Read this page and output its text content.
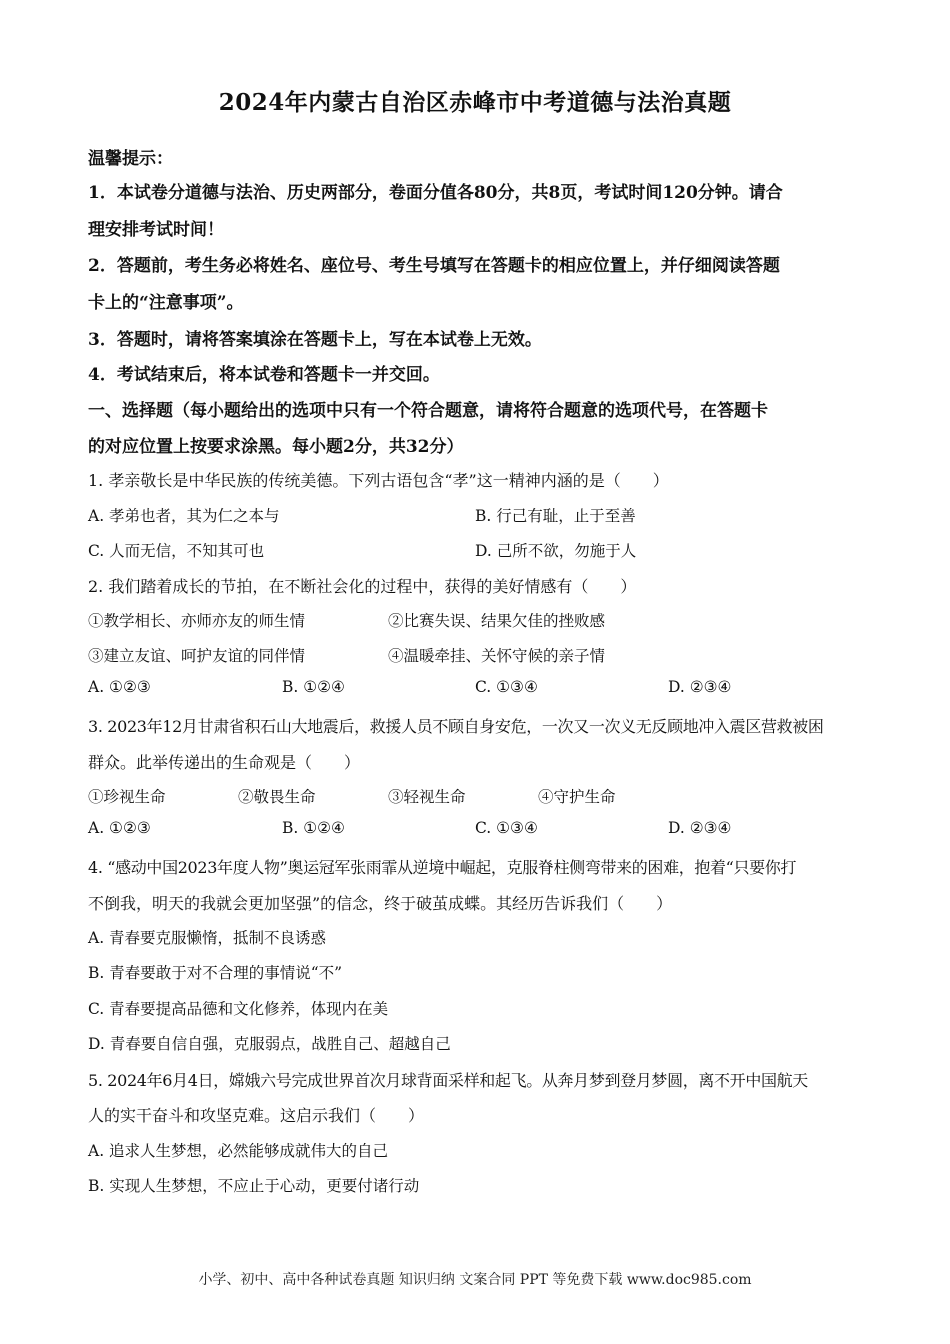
2024年内蒙古自治区赤峰市中考道德与法治真题
温馨提示：
1．本试卷分道德与法治、历史两部分，卷面分值各80分，共8页，考试时间120分钟。请合
理安排考试时间！
2．答题前，考生务必将姓名、座位号、考生号填写在答题卡的相应位置上，并仔细阅读答题
卡上的“注意事项”。
3．答题时，请将答案填涂在答题卡上，写在本试卷上无效。
4．考试结束后，将本试卷和答题卡一并交回。
一、选择题（每小题给出的选项中只有一个符合题意，请将符合题意的选项代号，在答题卡
的对应位置上按要求涂黑。每小题2分，共32分）
1. 孝亲敬长是中华民族的传统美德。下列古语包含“孝”这一精神内涵的是（　　）
A. 孝弟也者，其为仁之本与	B. 行己有耻，止于至善
C. 人而无信，不知其可也	D. 己所不欲，勿施于人
2. 我们踏着成长的节拍，在不断社会化的过程中，获得的美好情感有（　　）
①教学相长、亦师亦友的师生情	②比赛失误、结果欠佳的挫败感
③建立友谊、呵护友谊的同伴情	④温暖牵挂、关怀守候的亲子情
A. ①②③	B. ①②④	C. ①③④	D. ②③④
3. 2023年12月甘肃省积石山大地震后，救援人员不顾自身安危，一次又一次义无反顾地冲入震区营救被困
群众。此举传递出的生命观是（　　）
①珍视生命	②敬畏生命	③轻视生命	④守护生命
A. ①②③	B. ①②④	C. ①③④	D. ②③④
4. “感动中国2023年度人物”奥运冠军张雨霏从逆境中崛起，克服脊柱侧弯带来的困难，抱着“只要你打
不倒我，明天的我就会更加坚强”的信念，终于破茧成蝶。其经历告诉我们（　　）
A. 青春要克服懒惰，抵制不良诱惑
B. 青春要敢于对不合理的事情说“不”
C. 青春要提高品德和文化修养，体现内在美
D. 青春要自信自强，克服弱点，战胜自己、超越自己
5. 2024年6月4日，嫦娥六号完成世界首次月球背面采样和起飞。从奔月梦到登月梦圆，离不开中国航天
人的实干奋斗和攻坚克难。这启示我们（　　）
A. 追求人生梦想，必然能够成就伟大的自己
B. 实现人生梦想，不应止于心动，更要付诸行动
小学、初中、高中各种试卷真题 知识归纳 文案合同 PPT 等免费下载 www.doc985.com
